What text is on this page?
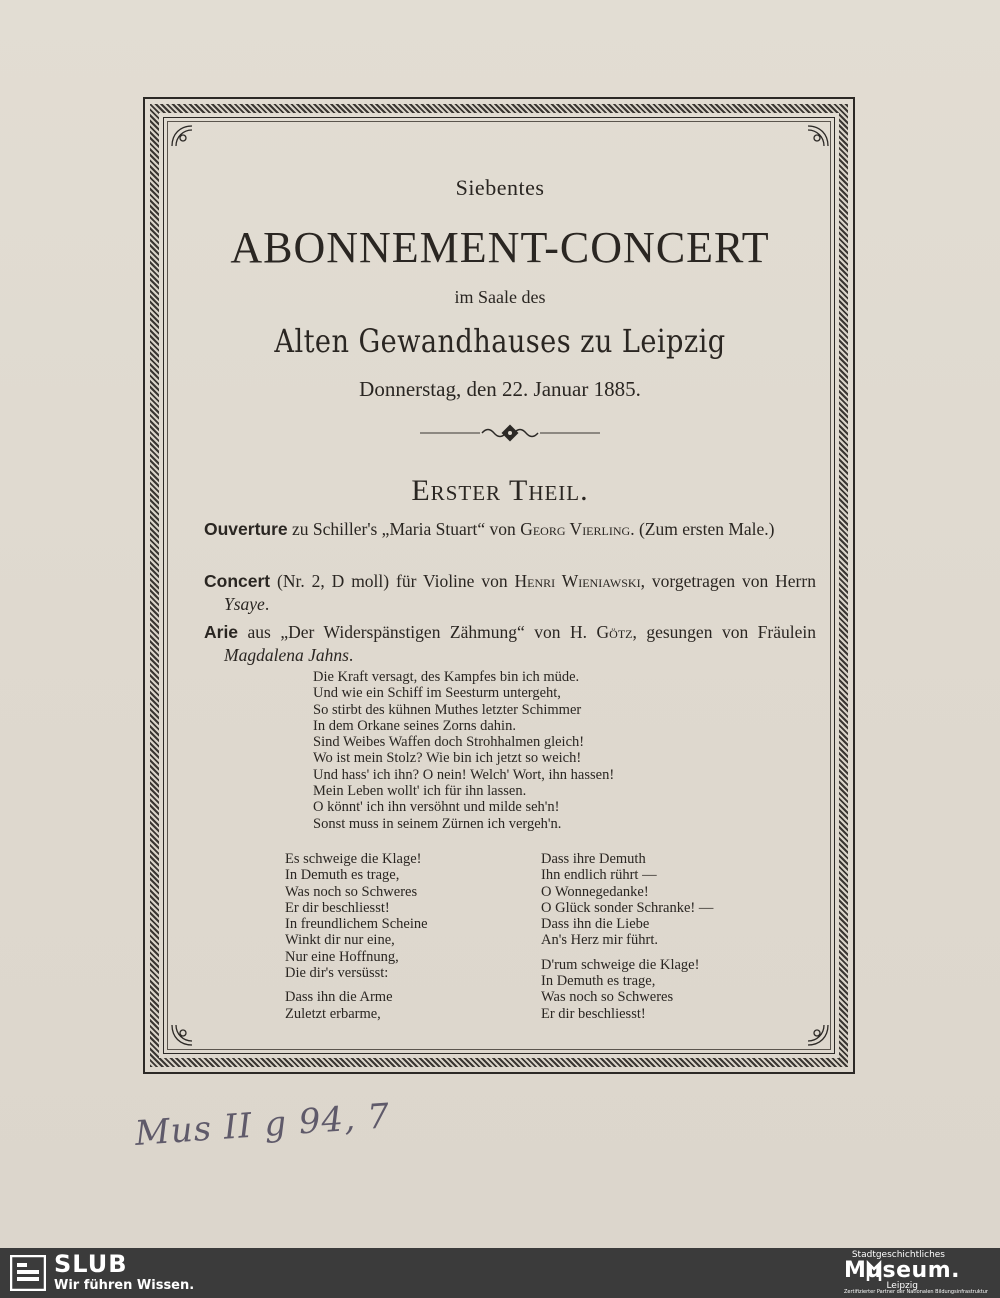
Siebentes
ABONNEMENT-CONCERT
im Saale des
Alten Gewandhauses zu Leipzig
Donnerstag, den 22. Januar 1885.
Erster Theil.
Ouverture zu Schiller's „Maria Stuart“ von Georg Vierling. (Zum ersten Male.)
Concert (Nr. 2, D moll) für Violine von Henri Wieniawski, vorgetragen von Herrn Ysaye.
Arie aus „Der Widerspänstigen Zähmung“ von H. Götz, gesungen von Fräulein Magdalena Jahns.
Die Kraft versagt, des Kampfes bin ich müde.
Und wie ein Schiff im Seesturm untergeht,
So stirbt des kühnen Muthes letzter Schimmer
In dem Orkane seines Zorns dahin.
Sind Weibes Waffen doch Strohhalmen gleich!
Wo ist mein Stolz? Wie bin ich jetzt so weich!
Und hass' ich ihn? O nein! Welch' Wort, ihn hassen!
Mein Leben wollt' ich für ihn lassen.
O könnt' ich ihn versöhnt und milde seh'n!
Sonst muss in seinem Zürnen ich vergeh'n.
Es schweige die Klage!
In Demuth es trage,
Was noch so Schweres
Er dir beschliesst!
In freundlichem Scheine
Winkt dir nur eine,
Nur eine Hoffnung,
Die dir's versüsst:
Dass ihn die Arme
Zuletzt erbarme,
Dass ihre Demuth
Ihn endlich rührt —
O Wonnegedanke!
O Glück sonder Schranke! —
Dass ihn die Liebe
An's Herz mir führt.
D'rum schweige die Klage!
In Demuth es trage,
Was noch so Schweres
Er dir beschliesst!
Mus II g 94, 7
SLUB
Wir führen Wissen.
Stadtgeschichtliches
Museum.
Leipzig
Zertifizierter Partner der Nationalen Bildungsinfrastruktur
